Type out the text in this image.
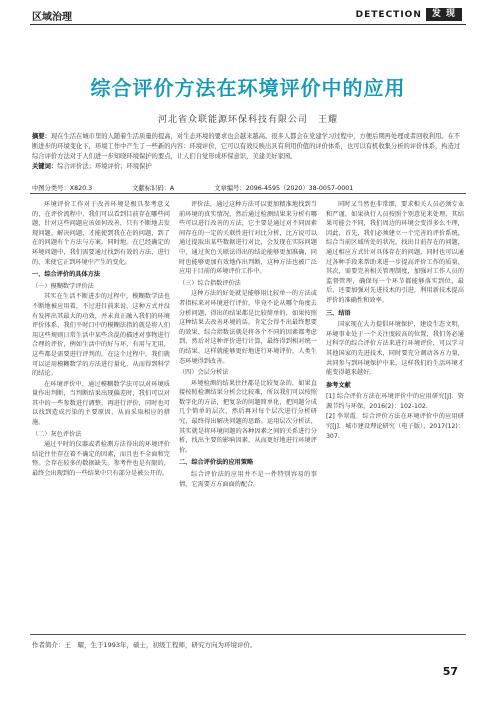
区域治理	DETECTION	发 现
综合评价方法在环境评价中的应用
河北省众联能源环保科技有限公司　王耀
摘要：现在生活在城市里的人随着生活质量的提高，对生态环境的要求也会越来越高。很多人都会在党建学习过程中，方便后期再处理或者回收利用。在不断进步的环境变化下，环境工作中产生了一些新的内容：环境评价，它可以有效反映出具有利用价值的评价体系，也可以有机收集分析的评价体系，构造过综合评价方法对于人们进一步知晓环境保护的要点，让人们自觉形成环保意识，美建美好家园。
关键词：综合评价法；环境评价；环境保护
中图分类号：X820.3	文献标识码：A	文章编号：2096-4595（2020）38-0057-0001

环境评价工作对于改善环境是极具参考意义的，在评价流程中，我们可以看到目前存在哪些问题，针对这些问题应该如何改善，只有不断地去发现问题、解决问题，才能使到我在在的问题，到了在的问题有个方法与方案，同时地。在已经确定的环境问题中，我们需要通过找到有效的方法，进行的，来使它正到环境中产生的变化。

一、综合评价的具体方法

（一）模糊数学评价法

其实在生活不断进步的过程中，模糊数学法也不断地被应用着，不过进目前来说，这种方式并没有发挥出其最大的功效，并未真正融入我们的环境评价体系，我们平时口中的模糊法指的就是将人们用这些规则日常生活中某些含混的描述对事物进行合理的评价，例如生活中的好与坏、有用与无用，这些都是需要进行评判的，在这个过程中，我们就可以运用模糊数学的方法进行量化，从而得到科学的结论。

在环境评价中，通过模糊数学法可以对环境质量作出判断，当判断结果出现偏差时，我们可以对其中的一些参数进行调整，再进行评价，同时也可以找到造成污染的主要原因，从而采取相应的措施。

（二）灰色评价法

通过平时的仪器或者检测方法得出的环境评价结论往往存在着不确定的因素，而且也不全面和完整。会存在较多的数据缺失。参考件也是有限的，最终会出现到的一些结果中只有部分是被公开的。

评价法，通过这种方法可以更加精准地找到当前环境的真实情况，然后通过检测结果来分析有哪些可以进行改善的方法，它主要是通过对不同因素间存在的一定的关联性进行对比分析，比方说可以通过提取出某些数据进行对比，会发现在实际问题中，通过灰色关联法得出的结论能够更加准确，同时也能够更加有效地作出判断，这种方法也被广泛应用于目前的环境评价工作中。

（三）综合指数评价法

这种方法的好处就是能够用比较单一的方法或者指标来对环境进行评价，毕竟不论从哪个角度去分析问题，得出的结果都是比较简单的，如果按照这种结果去改善环境的话，肯定会得不出最终想要的效果，综合指数法就是将各个不同的因素都考虑到，然后对这种评价进行计算，最终得到相对统一的结果，这样就能够更好地进行环境评价，人类生态环境得到改善。

（四）会层分析法

环境检测的结果往往都是比较复杂的，如果直接按照检测结果分析会比较难，所以我们可以按照数字化的方法，把复杂的问题简单化，把问题分成几个简单的层次，然后再对每个层次进行分析研究，最终得出解决问题的思路。运用层次分析法，其实就是将环境问题的各种因素之间的关系进行分析，找出主要的影响因素，从而更好地进行环境评价。

二、综合评价法的应用策略

综合评价法的应用并不是一件特别容易的事情，它需要方方面面的配合。

同时又当然也非常细，要求相关人员必须专业和严谨，如果执行人员按照个别意见来处理，其结果可能会不同，我们周边的环境会变得多么不理，因此，首先，我们必须建立一个完善的评价系统，综合当前区域所处的状况，找出目前存在的问题，通过相应方式针对具体存在的问题，同时也可以通过各种手段来帮助来进一步提高评价工作的质量，其次，需要完善相关管理制度，加强对工作人员的监督管理，确保每一个环节都能够落实到位，最后，还要加强对先进技术的引进，利用新技术提高评价的准确性和效率。

三、结语

国家现在大力提倡环境保护，建设生态文明，环境事业处于一个关注度较高的位置，我们务必通过科学的综合评价方法来进行环境评价，可以学习其他国家的先进技术，同时要充分调动各方力量，共同参与到环境保护中来，这样我们的生活环境才能变得越来越好。

参考文献

[1] 综合评价方法在环境评价中的应用研究[J]．资源节约与环保，2016(2)：102-102.

[2] 李翠霞．综合评价方法在环境评价中的应用研究[J]．城市建设理论研究（电子版），2017(12)：307.

作者简介：王　耀，生于1993年，硕士，初级工程师，研究方向为环境评价。
57
